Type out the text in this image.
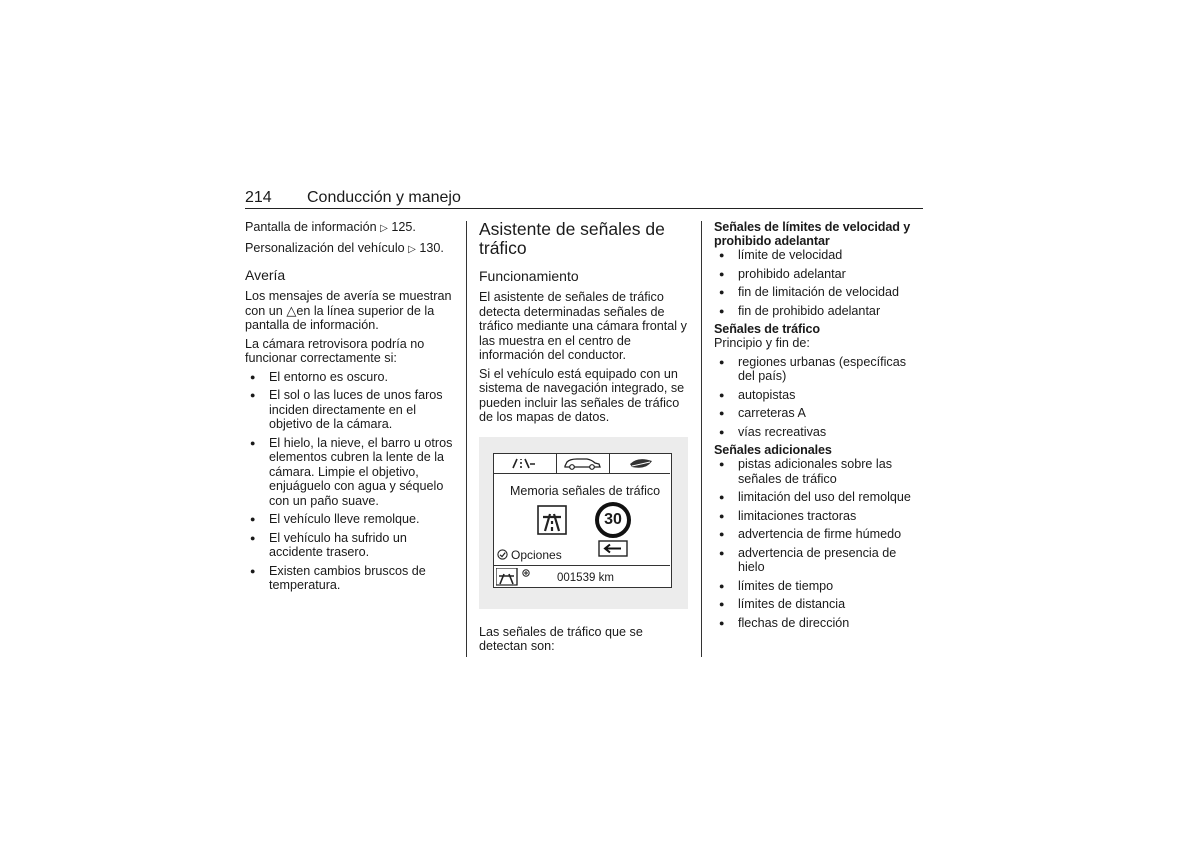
214 Conducción y manejo

Pantalla de información ▷ 125.

Personalización del vehículo ▷ 130.

Avería

Los mensajes de avería se muestran con un △en la línea superior de la pantalla de información.

La cámara retrovisora podría no funcionar correctamente si:

● El entorno es oscuro.
● El sol o las luces de unos faros inciden directamente en el objetivo de la cámara.
● El hielo, la nieve, el barro u otros elementos cubren la lente de la cámara. Limpie el objetivo, enjuáguelo con agua y séquelo con un paño suave.
● El vehículo lleve remolque.
● El vehículo ha sufrido un accidente trasero.
● Existen cambios bruscos de temperatura.
Asistente de señales de tráfico
Funcionamiento

El asistente de señales de tráfico detecta determinadas señales de tráfico mediante una cámara frontal y las muestra en el centro de información del conductor.

Si el vehículo está equipado con un sistema de navegación integrado, se pueden incluir las señales de tráfico de los mapas de datos.

Memoria señales de tráfico
30
Opciones
001539 km

Las señales de tráfico que se detectan son:

Señales de límites de velocidad y prohibido adelantar
● límite de velocidad
● prohibido adelantar
● fin de limitación de velocidad
● fin de prohibido adelantar
Señales de tráfico

Principio y fin de:

● regiones urbanas (específicas del país)
● autopistas
● carreteras A
● vías recreativas
Señales adicionales
● pistas adicionales sobre las señales de tráfico
● limitación del uso del remolque
● limitaciones tractoras
● advertencia de firme húmedo
● advertencia de presencia de hielo
● límites de tiempo
● límites de distancia
● flechas de dirección
